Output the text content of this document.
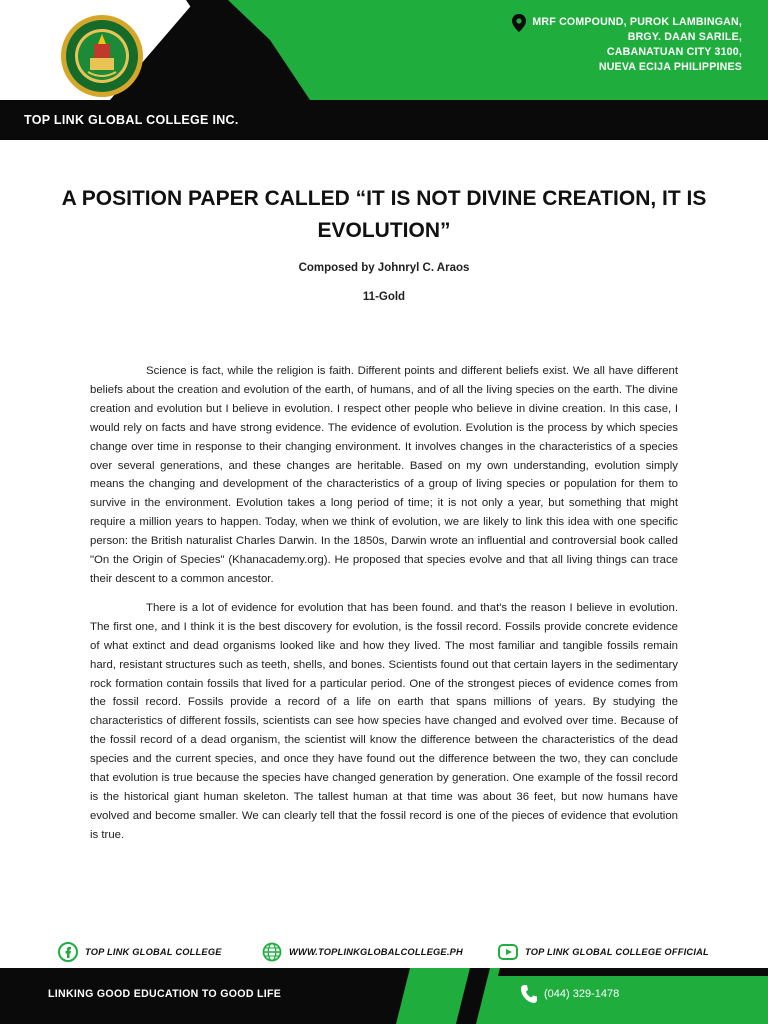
TOP LINK GLOBAL COLLEGE INC.
MRF COMPOUND, PUROK LAMBINGAN,
BRGY. DAAN SARILE,
CABANATUAN CITY 3100,
NUEVA ECIJA PHILIPPINES
A POSITION PAPER CALLED “IT IS NOT DIVINE CREATION, IT IS EVOLUTION”
Composed by Johnryl C. Araos
11-Gold

Science is fact, while the religion is faith. Different points and different beliefs exist. We all have different beliefs about the creation and evolution of the earth, of humans, and of all the living species on the earth. The divine creation and evolution but I believe in evolution. I respect other people who believe in divine creation. In this case, I would rely on facts and have strong evidence. The evidence of evolution. Evolution is the process by which species change over time in response to their changing environment. It involves changes in the characteristics of a species over several generations, and these changes are heritable. Based on my own understanding, evolution simply means the changing and development of the characteristics of a group of living species or population for them to survive in the environment. Evolution takes a long period of time; it is not only a year, but something that might require a million years to happen. Today, when we think of evolution, we are likely to link this idea with one specific person: the British naturalist Charles Darwin. In the 1850s, Darwin wrote an influential and controversial book called "On the Origin of Species" (Khanacademy.org). He proposed that species evolve and that all living things can trace their descent to a common ancestor.

There is a lot of evidence for evolution that has been found. and that's the reason I believe in evolution. The first one, and I think it is the best discovery for evolution, is the fossil record. Fossils provide concrete evidence of what extinct and dead organisms looked like and how they lived. The most familiar and tangible fossils remain hard, resistant structures such as teeth, shells, and bones. Scientists found out that certain layers in the sedimentary rock formation contain fossils that lived for a particular period. One of the strongest pieces of evidence comes from the fossil record. Fossils provide a record of a life on earth that spans millions of years. By studying the characteristics of different fossils, scientists can see how species have changed and evolved over time. Because of the fossil record of a dead organism, the scientist will know the difference between the characteristics of the dead species and the current species, and once they have found out the difference between the two, they can conclude that evolution is true because the species have changed generation by generation. One example of the fossil record is the historical giant human skeleton. The tallest human at that time was about 36 feet, but now humans have evolved and become smaller. We can clearly tell that the fossil record is one of the pieces of evidence that evolution is true.

TOP LINK GLOBAL COLLEGE	WWW.TOPLINKGLOBALCOLLEGE.PH	TOP LINK GLOBAL COLLEGE OFFICIAL
LINKING GOOD EDUCATION TO GOOD LIFE	(044) 329-1478
